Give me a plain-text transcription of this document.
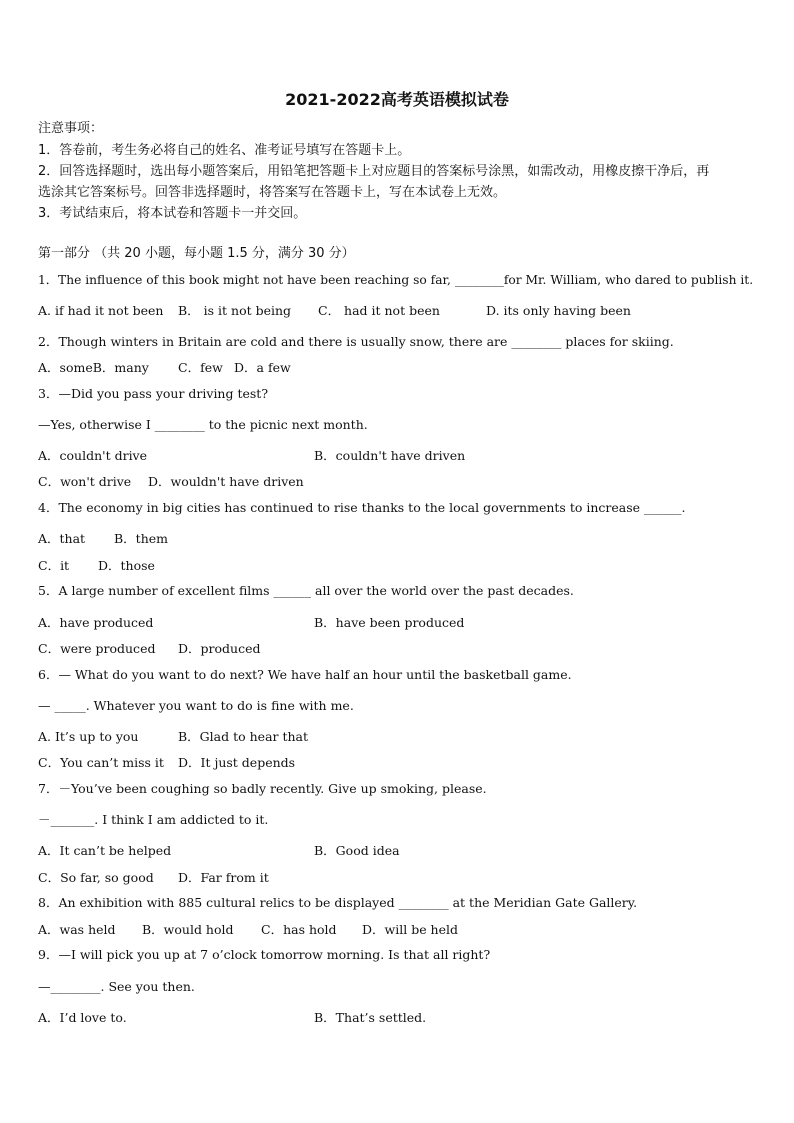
2021-2022高考英语模拟试卷
注意事项：
1．答卷前，考生务必将自己的姓名、准考证号填写在答题卡上。
2．回答选择题时，选出每小题答案后，用铅笔把答题卡上对应题目的答案标号涂黑，如需改动，用橡皮擦干净后，再
选涂其它答案标号。回答非选择题时，将答案写在答题卡上，写在本试卷上无效。
3．考试结束后，将本试卷和答题卡一并交回。
第一部分 （共 20 小题，每小题 1.5 分，满分 30 分）
1．The influence of this book might not have been reaching so far, ________for Mr. William, who dared to publish it.
A. if had it not been B． is it not being C． had it not been	D. its only having been
2．Though winters in Britain are cold and there is usually snow, there are ________ places for skiing.
A．someB．many C．few D．a few
3．—Did you pass your driving test?
—Yes, otherwise I ________ to the picnic next month.
A．couldn't drive	B．couldn't have driven
C．won't drive D．wouldn't have driven
4．The economy in big cities has continued to rise thanks to the local governments to increase ______.
A．that B．them
C．it D．those
5．A large number of excellent films ______ all over the world over the past decades.
A．have produced	B．have been produced
C．were produced D．produced
6．— What do you want to do next? We have half an hour until the basketball game.
— _____. Whatever you want to do is fine with me.
A. It’s up to you	B．Glad to hear that
C．You can’t miss it D．It just depends
7．－You’ve been coughing so badly recently. Give up smoking, please.
－_______. I think I am addicted to it.
A．It can’t be helped	B．Good idea
C．So far, so good D．Far from it
8．An exhibition with 885 cultural relics to be displayed ________ at the Meridian Gate Gallery.
A．was held B．would hold C．has hold D．will be held
9．—I will pick you up at 7 o’clock tomorrow morning. Is that all right?
—________. See you then.
A．I’d love to.	B．That’s settled.
